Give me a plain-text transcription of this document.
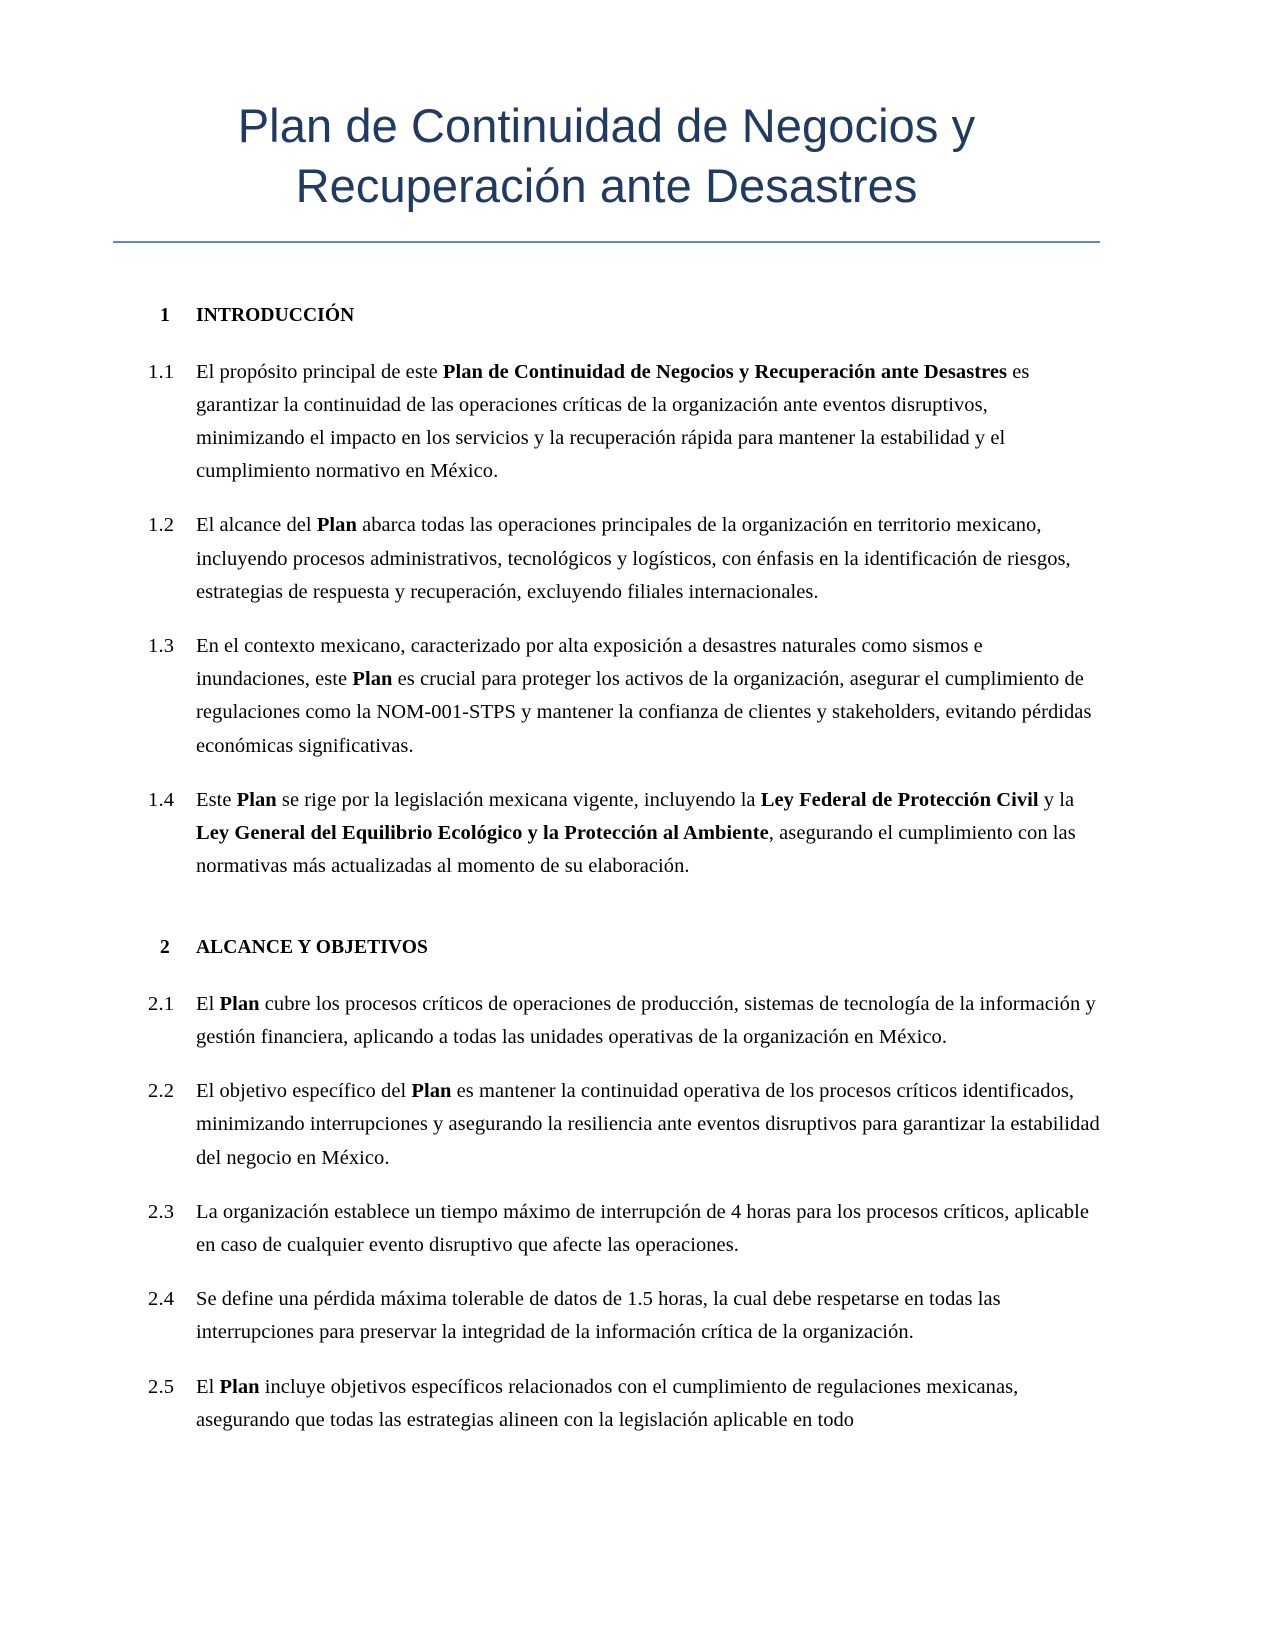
Plan de Continuidad de Negocios y Recuperación ante Desastres
1	INTRODUCCIÓN
1.1	El propósito principal de este Plan de Continuidad de Negocios y Recuperación ante Desastres es garantizar la continuidad de las operaciones críticas de la organización ante eventos disruptivos, minimizando el impacto en los servicios y la recuperación rápida para mantener la estabilidad y el cumplimiento normativo en México.
1.2	El alcance del Plan abarca todas las operaciones principales de la organización en territorio mexicano, incluyendo procesos administrativos, tecnológicos y logísticos, con énfasis en la identificación de riesgos, estrategias de respuesta y recuperación, excluyendo filiales internacionales.
1.3	En el contexto mexicano, caracterizado por alta exposición a desastres naturales como sismos e inundaciones, este Plan es crucial para proteger los activos de la organización, asegurar el cumplimiento de regulaciones como la NOM-001-STPS y mantener la confianza de clientes y stakeholders, evitando pérdidas económicas significativas.
1.4	Este Plan se rige por la legislación mexicana vigente, incluyendo la Ley Federal de Protección Civil y la Ley General del Equilibrio Ecológico y la Protección al Ambiente, asegurando el cumplimiento con las normativas más actualizadas al momento de su elaboración.
2	ALCANCE Y OBJETIVOS
2.1	El Plan cubre los procesos críticos de operaciones de producción, sistemas de tecnología de la información y gestión financiera, aplicando a todas las unidades operativas de la organización en México.
2.2	El objetivo específico del Plan es mantener la continuidad operativa de los procesos críticos identificados, minimizando interrupciones y asegurando la resiliencia ante eventos disruptivos para garantizar la estabilidad del negocio en México.
2.3	La organización establece un tiempo máximo de interrupción de 4 horas para los procesos críticos, aplicable en caso de cualquier evento disruptivo que afecte las operaciones.
2.4	Se define una pérdida máxima tolerable de datos de 1.5 horas, la cual debe respetarse en todas las interrupciones para preservar la integridad de la información crítica de la organización.
2.5	El Plan incluye objetivos específicos relacionados con el cumplimiento de regulaciones mexicanas, asegurando que todas las estrategias alineen con la legislación aplicable en todo
